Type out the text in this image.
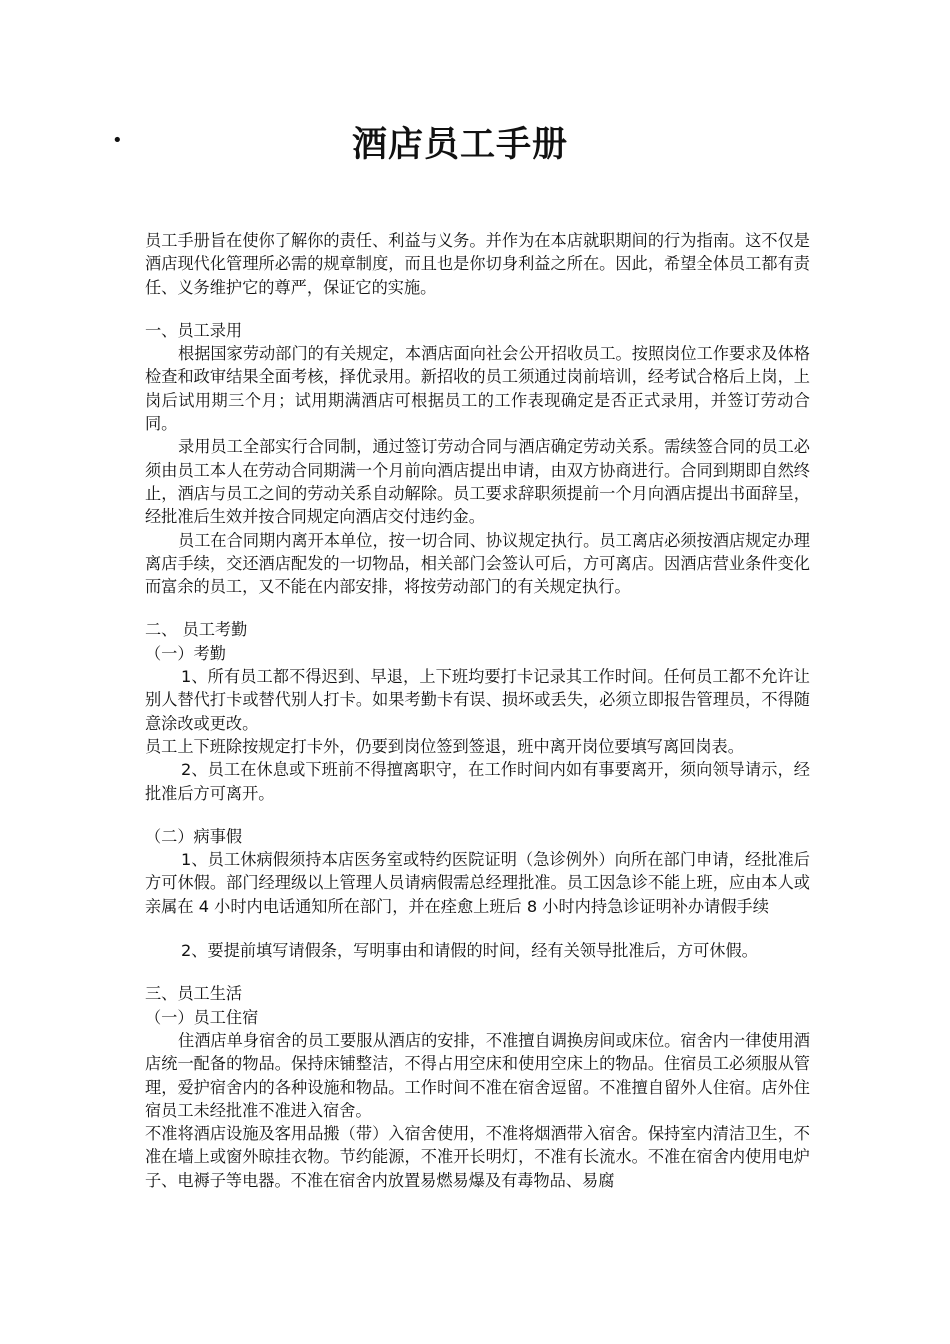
•	酒店员工手册

员工手册旨在使你了解你的责任、利益与义务。并作为在本店就职期间的行为指南。这不仅是酒店现代化管理所必需的规章制度，而且也是你切身利益之所在。因此，希望全体员工都有责任、义务维护它的尊严，保证它的实施。

一、员工录用

根据国家劳动部门的有关规定，本酒店面向社会公开招收员工。按照岗位工作要求及体格检查和政审结果全面考核，择优录用。新招收的员工须通过岗前培训，经考试合格后上岗，上岗后试用期三个月；试用期满酒店可根据员工的工作表现确定是否正式录用，并签订劳动合同。

录用员工全部实行合同制，通过签订劳动合同与酒店确定劳动关系。需续签合同的员工必须由员工本人在劳动合同期满一个月前向酒店提出申请，由双方协商进行。合同到期即自然终止，酒店与员工之间的劳动关系自动解除。员工要求辞职须提前一个月向酒店提出书面辞呈，经批准后生效并按合同规定向酒店交付违约金。

员工在合同期内离开本单位，按一切合同、协议规定执行。员工离店必须按酒店规定办理离店手续，交还酒店配发的一切物品，相关部门会签认可后，方可离店。因酒店营业条件变化而富余的员工，又不能在内部安排，将按劳动部门的有关规定执行。

二、 员工考勤

（一）考勤

1、所有员工都不得迟到、早退，上下班均要打卡记录其工作时间。任何员工都不允许让别人替代打卡或替代别人打卡。如果考勤卡有误、损坏或丢失，必须立即报告管理员，不得随意涂改或更改。

员工上下班除按规定打卡外，仍要到岗位签到签退，班中离开岗位要填写离回岗表。

2、员工在休息或下班前不得擅离职守，在工作时间内如有事要离开，须向领导请示，经批准后方可离开。

（二）病事假

1、员工休病假须持本店医务室或特约医院证明（急诊例外）向所在部门申请，经批准后方可休假。部门经理级以上管理人员请病假需总经理批准。员工因急诊不能上班，应由本人或亲属在 4 小时内电话通知所在部门，并在痊愈上班后 8 小时内持急诊证明补办请假手续

2、要提前填写请假条，写明事由和请假的时间，经有关领导批准后，方可休假。

三、员工生活

（一）员工住宿

住酒店单身宿舍的员工要服从酒店的安排，不准擅自调换房间或床位。宿舍内一律使用酒店统一配备的物品。保持床铺整洁，不得占用空床和使用空床上的物品。住宿员工必须服从管理，爱护宿舍内的各种设施和物品。工作时间不准在宿舍逗留。不准擅自留外人住宿。店外住宿员工未经批准不准进入宿舍。

不准将酒店设施及客用品搬（带）入宿舍使用，不准将烟酒带入宿舍。保持室内清洁卫生，不准在墙上或窗外晾挂衣物。节约能源，不准开长明灯，不准有长流水。不准在宿舍内使用电炉子、电褥子等电器。不准在宿舍内放置易燃易爆及有毒物品、易腐
